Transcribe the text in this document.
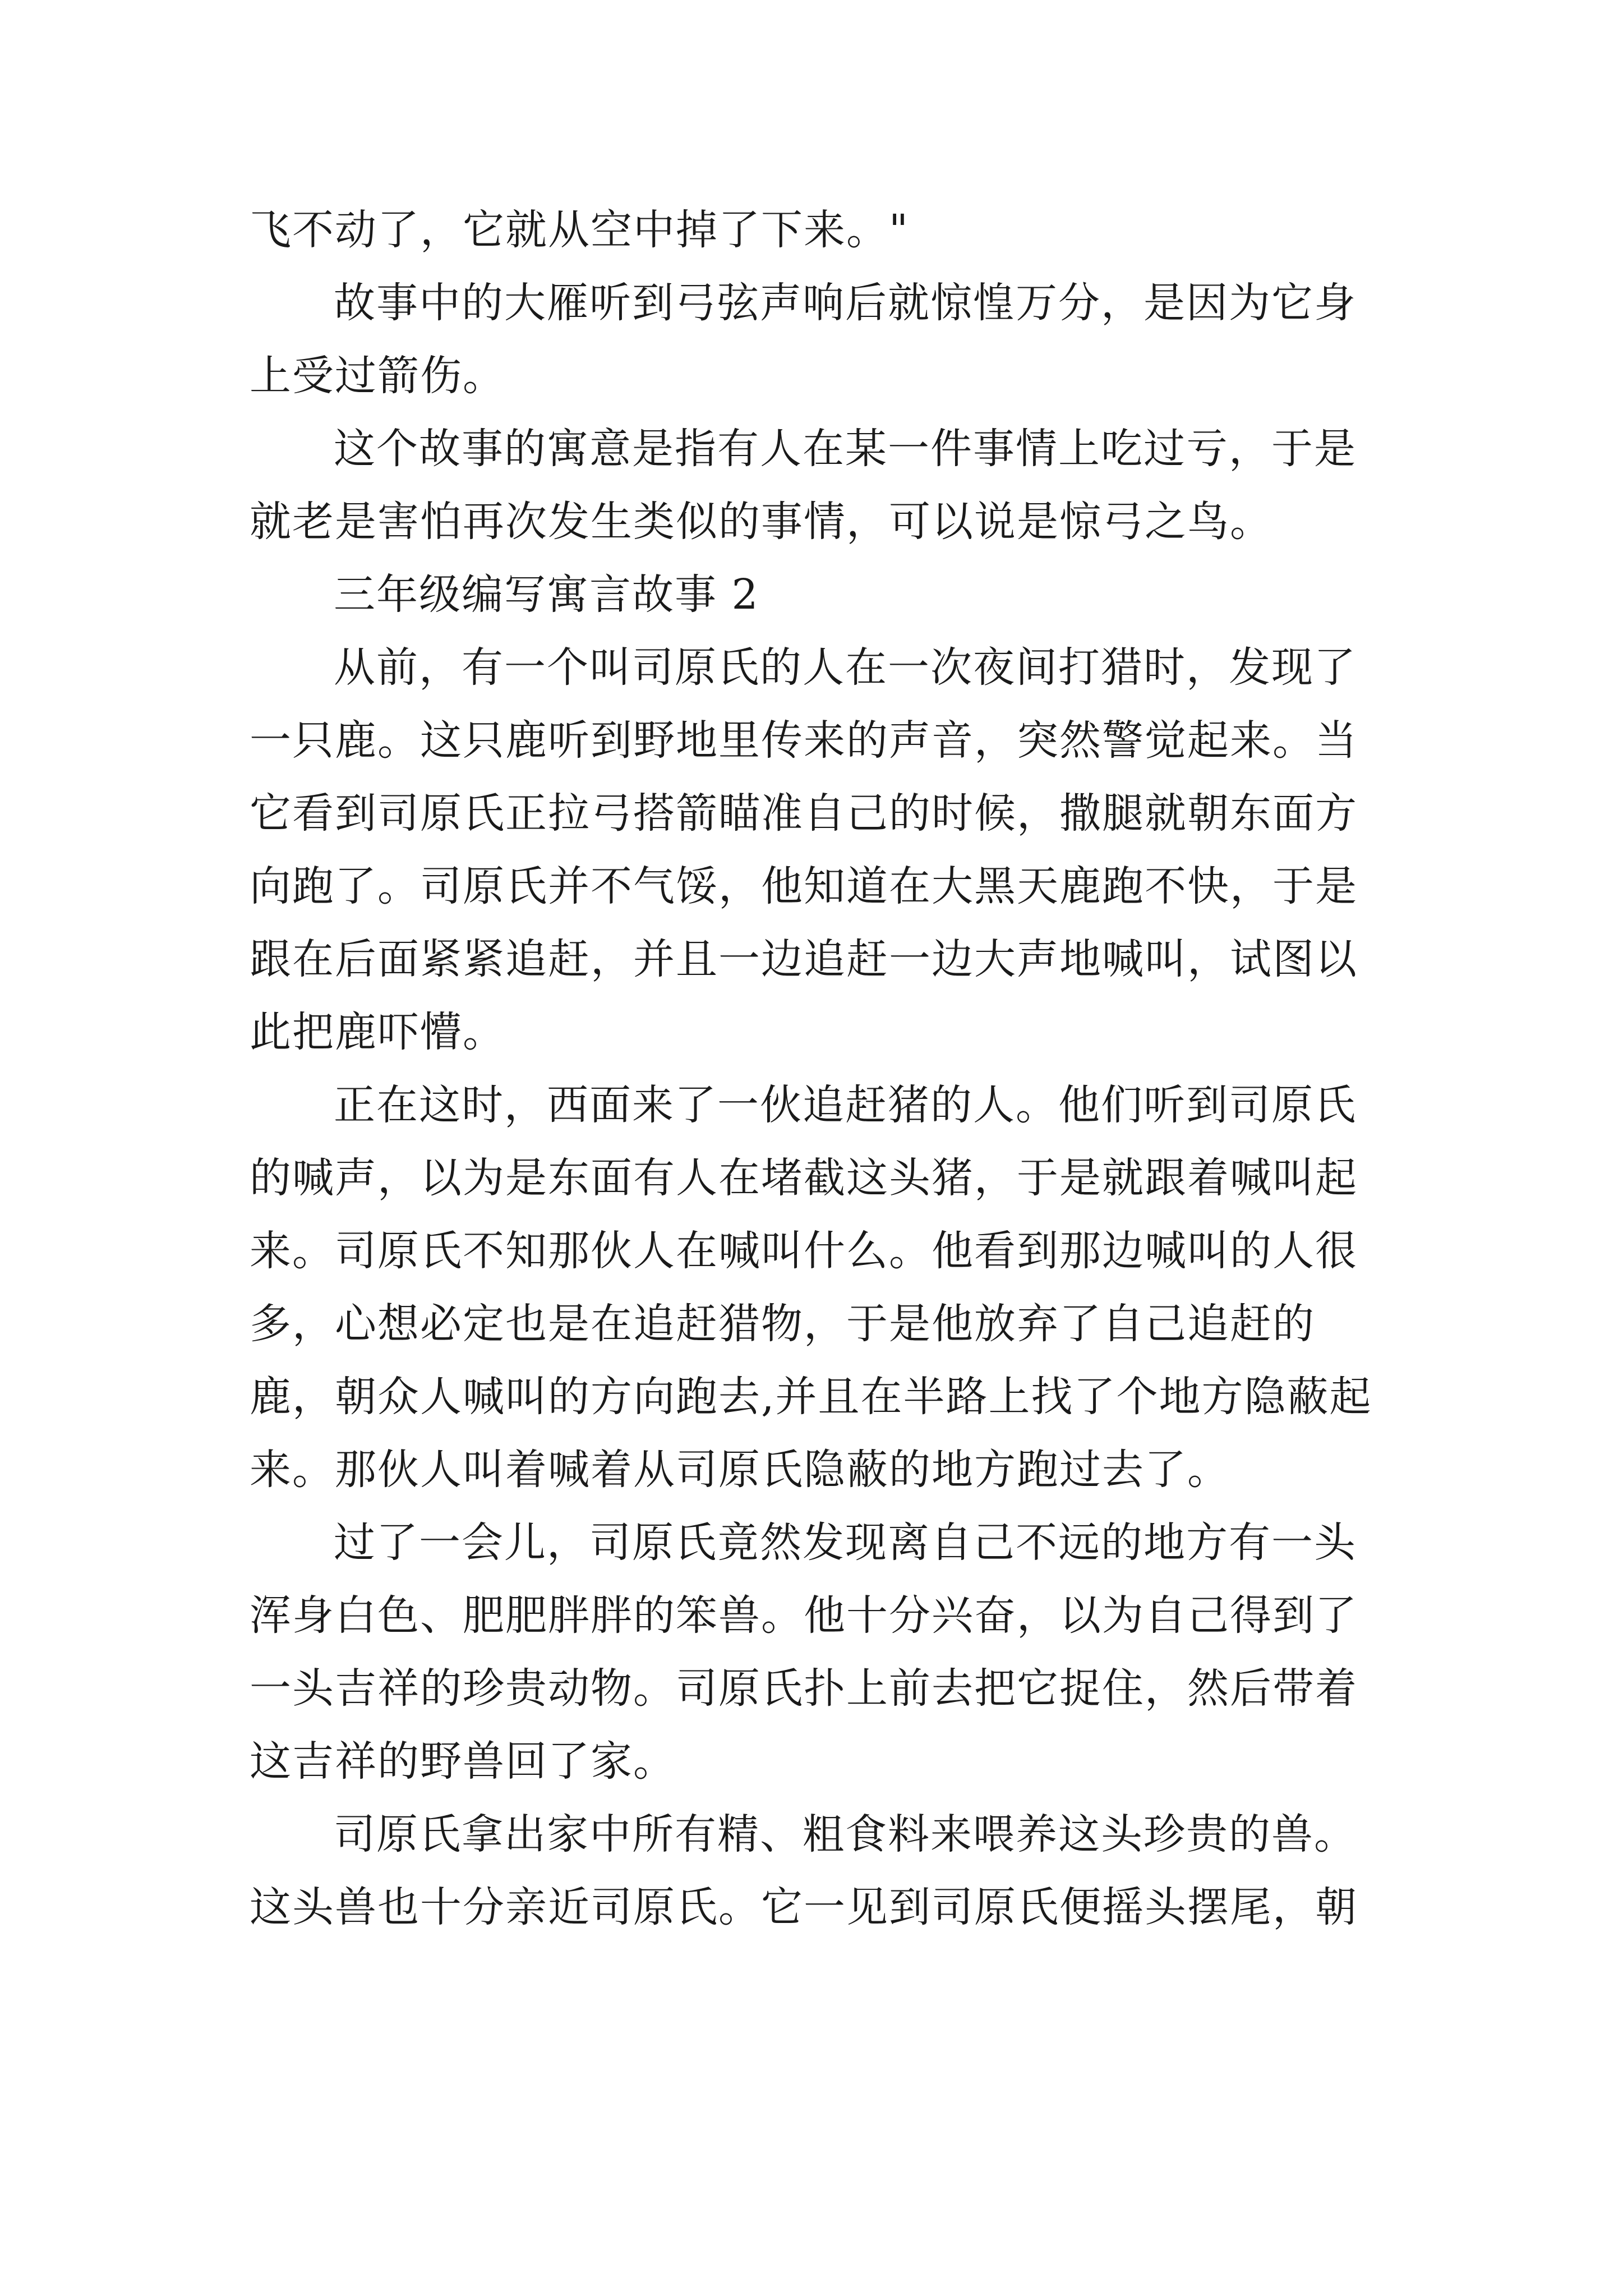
飞不动了，它就从空中掉了下来。"

故事中的大雁听到弓弦声响后就惊惶万分，是因为它身上受过箭伤。

这个故事的寓意是指有人在某一件事情上吃过亏，于是就老是害怕再次发生类似的事情，可以说是惊弓之鸟。

三年级编写寓言故事 2

从前，有一个叫司原氏的人在一次夜间打猎时，发现了一只鹿。这只鹿听到野地里传来的声音，突然警觉起来。当它看到司原氏正拉弓搭箭瞄准自己的时候，撒腿就朝东面方向跑了。司原氏并不气馁，他知道在大黑天鹿跑不快，于是跟在后面紧紧追赶，并且一边追赶一边大声地喊叫，试图以此把鹿吓懵。

正在这时，西面来了一伙追赶猪的人。他们听到司原氏的喊声，以为是东面有人在堵截这头猪，于是就跟着喊叫起来。司原氏不知那伙人在喊叫什么。他看到那边喊叫的人很多，心想必定也是在追赶猎物，于是他放弃了自己追赶的鹿，朝众人喊叫的方向跑去,并且在半路上找了个地方隐蔽起来。那伙人叫着喊着从司原氏隐蔽的地方跑过去了。

过了一会儿，司原氏竟然发现离自己不远的地方有一头浑身白色、肥肥胖胖的笨兽。他十分兴奋，以为自己得到了一头吉祥的珍贵动物。司原氏扑上前去把它捉住，然后带着这吉祥的野兽回了家。

司原氏拿出家中所有精、粗食料来喂养这头珍贵的兽。这头兽也十分亲近司原氏。它一见到司原氏便摇头摆尾，朝
